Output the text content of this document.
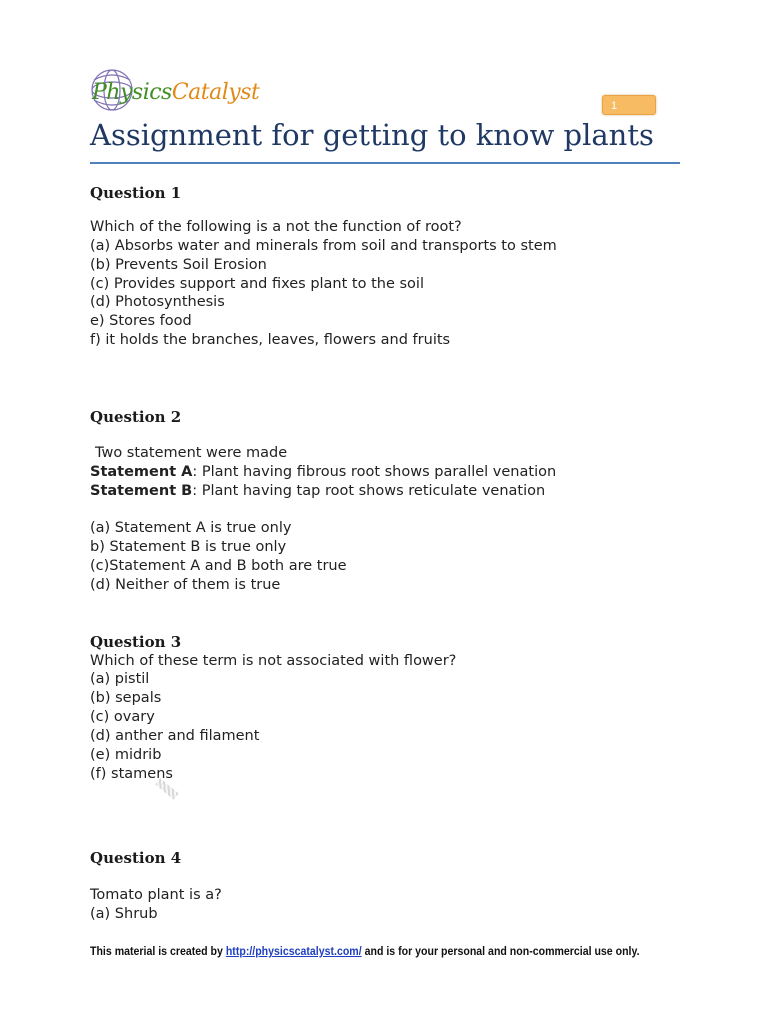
PhysicsCatalyst
1
Assignment for getting to know plants

Question 1

Which of the following is a not the function of root?

(a) Absorbs water and minerals from soil and transports to stem

(b) Prevents Soil Erosion

(c) Provides support and fixes plant to the soil

(d) Photosynthesis

e) Stores food

f) it holds the branches, leaves, flowers and fruits

Question 2

Two statement were made

Statement A: Plant having fibrous root shows parallel venation

Statement B: Plant having tap root shows reticulate venation

(a) Statement A is true only

b) Statement B is true only

(c)Statement A and B both are true

(d) Neither of them is true

Question 3

Which of these term is not associated with flower?

(a) pistil

(b) sepals

(c) ovary

(d) anther and filament

(e) midrib

(f) stamens

Question 4

Tomato plant is a?

(a) Shrub

This material is created by http://physicscatalyst.com/ and is for your personal and non-commercial use only.
